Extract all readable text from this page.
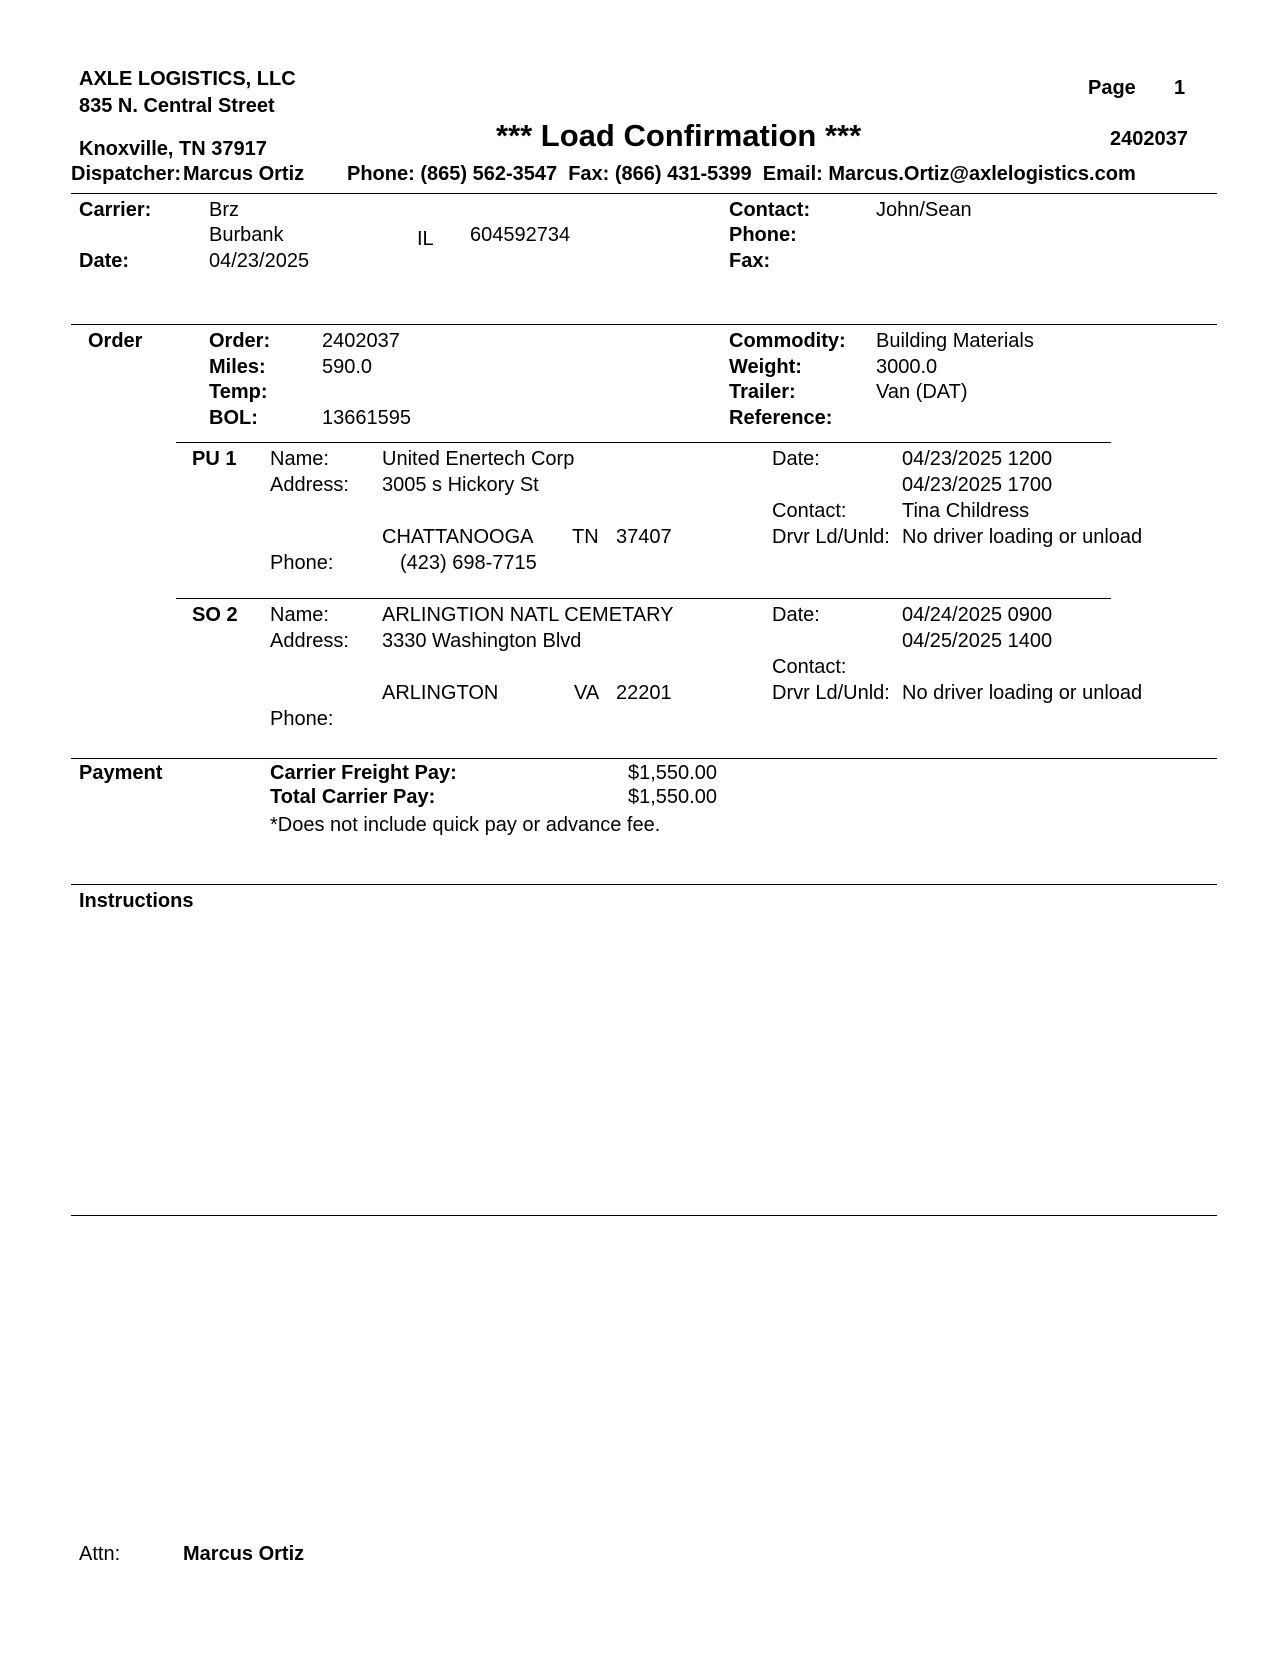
AXLE LOGISTICS, LLC
835 N. Central Street
Knoxville, TN 37917
Page 1
*** Load Confirmation ***	2402037
Dispatcher: Marcus Ortiz Phone: (865) 562-3547  Fax: (866) 431-5399  Email: Marcus.Ortiz@axlelogistics.com
Carrier:	Brz
Burbank	IL 604592734
Date:	04/23/2025
Contact:	John/Sean
Phone:
Fax:
Order	Order:	2402037
Miles:	590.0
Temp:
BOL:	13661595
Commodity: Building Materials
Weight:	3000.0
Trailer:	Van (DAT)
Reference:
PU 1 Name:	United Enertech Corp
Address: 3005 s Hickory St
CHATTANOOGA TN 37407
Phone:	(423) 698-7715
Date:	04/23/2025 1200
04/23/2025 1700
Contact:	Tina Childress
Drvr Ld/Unld: No driver loading or unload
SO 2 Name:	ARLINGTION NATL CEMETARY
Address: 3330 Washington Blvd
ARLINGTON	VA 22201
Phone:
Date:	04/24/2025 0900
04/25/2025 1400
Contact:
Drvr Ld/Unld: No driver loading or unload
Payment	Carrier Freight Pay:	$1,550.00
Total Carrier Pay:	$1,550.00
*Does not include quick pay or advance fee.
Instructions
Attn:	Marcus Ortiz
